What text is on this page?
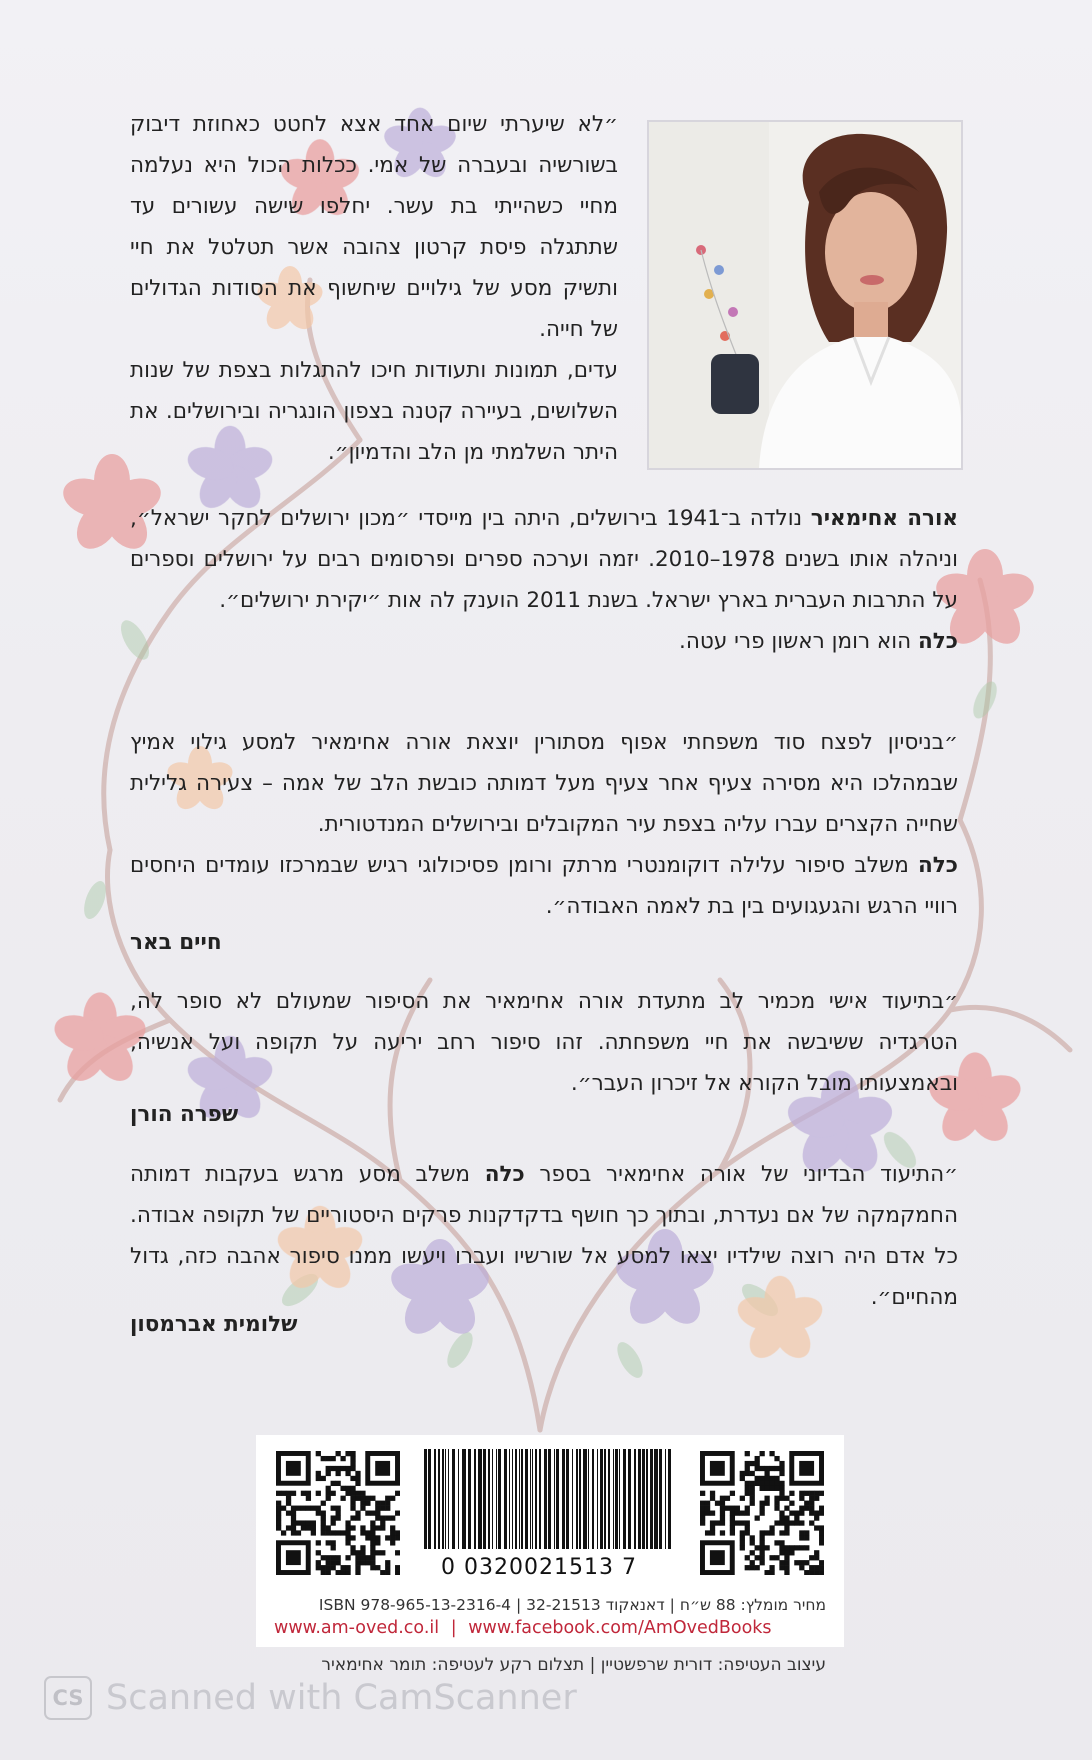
״לא שיערתי שיום אחד אצא לחטט כאחוזת דיבוק בשורשיה ובעברה של אמי. ככלות הכול היא נעלמה מחיי כשהייתי בת עשר. יחלפו שישה עשורים עד שתתגלה פיסת קרטון צהובה אשר תטלטל את חיי ותשיק מסע של גילויים שיחשוף את הסודות הגדולים של חייה.
עדים, תמונות ותעודות חיכו להתגלות בצפת של שנות השלושים, בעיירה קטנה בצפון הונגריה ובירושלים. את היתר השלמתי מן הלב והדמיון״.
אורה אחימאיר נולדה ב־1941 בירושלים, היתה בין מייסדי ״מכון ירושלים לחקר ישראל״, וניהלה אותו בשנים 1978–2010. יזמה וערכה ספרים ופרסומים רבים על ירושלים וספרים על התרבות העברית בארץ ישראל. בשנת 2011 הוענק לה אות ״יקירת ירושלים״.
כלה הוא רומן ראשון פרי עטה.
״בניסיון לפצח סוד משפחתי אפוף מסתורין יוצאת אורה אחימאיר למסע גילוי אמיץ שבמהלכו היא מסירה צעיף אחר צעיף מעל דמותה כובשת הלב של אמה – צעירה גלילית שחייה הקצרים עברו עליה בצפת עיר המקובלים ובירושלים המנדטורית.
כלה משלב סיפור עלילה דוקומנטרי מרתק ורומן פסיכולוגי רגיש שבמרכזו עומדים היחסים רוויי הרגש והגעגועים בין בת לאמה האבודה״.
חיים באר
״בתיעוד אישי מכמיר לב מתעדת אורה אחימאיר את הסיפור שמעולם לא סופר לה, הטרגדיה ששיבשה את חיי משפחתה. זהו סיפור רחב יריעה על תקופה ועל אנשיה, ובאמצעותו מובל הקורא אל זיכרון העבר״.
שפרה הורן
״התיעוד הבדיוני של אורה אחימאיר בספר כלה משלב מסע מרגש בעקבות דמותה החמקמקה של אם נעדרת, ובתוך כך חושף בדקדקנות פרקים היסטוריים של תקופה אבודה. כל אדם היה רוצה שילדיו יצאו למסע אל שורשיו ועברו ויעשו ממנו סיפור אהבה כזה, גדול מהחיים״.
שלומית אברמסון
0 0320021513 7
מחיר מומלץ: 88 ש״ח | דאנאקוד 32-21513 | ISBN 978-965-13-2316-4
www.am-oved.co.il | www.facebook.com/AmOvedBooks
עיצוב העטיפה: דורית שרפשטיין | תצלום רקע לעטיפה: תומר אחימאיר
CS Scanned with CamScanner
